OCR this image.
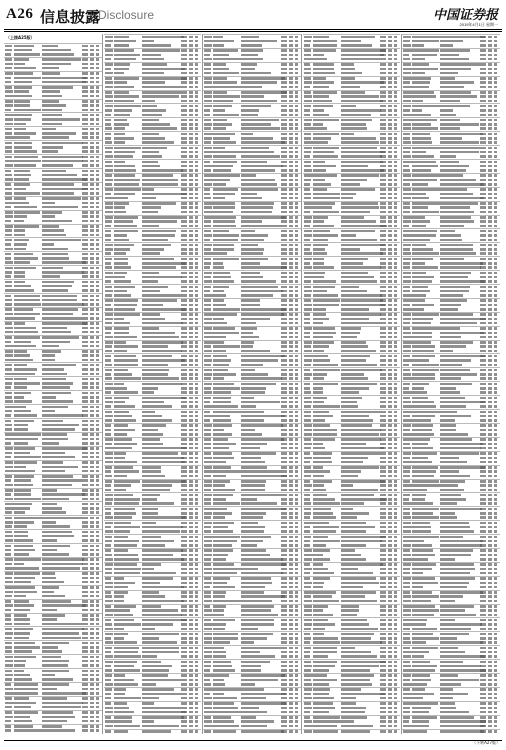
A26 信息披露
Disclosure	中国证券报
2019年4月1日 星期一
（上接A25版）
（下转A27版）
